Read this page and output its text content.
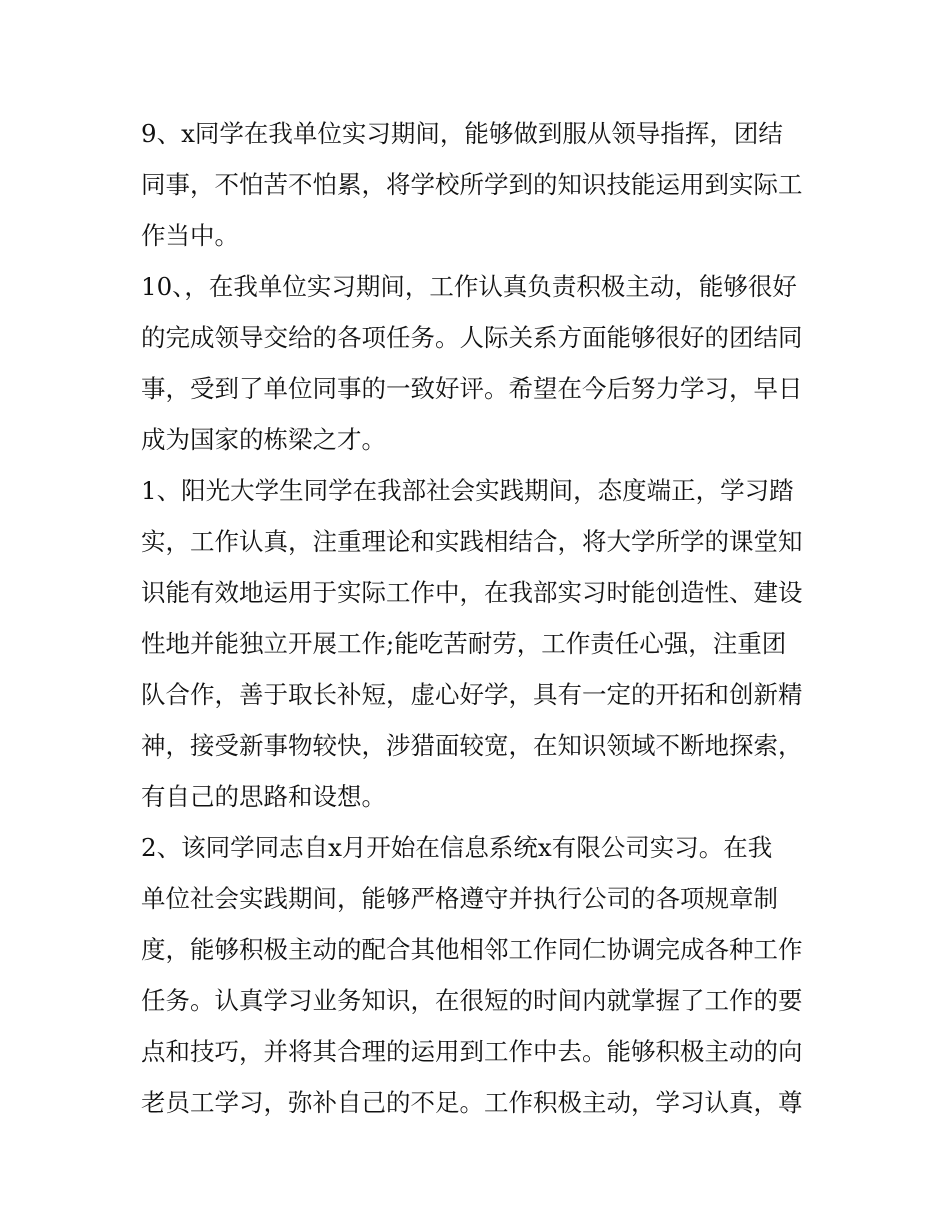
9、x同学在我单位实习期间，能够做到服从领导指挥，团结
同事，不怕苦不怕累，将学校所学到的知识技能运用到实际工
作当中。
10、，在我单位实习期间，工作认真负责积极主动，能够很好
的完成领导交给的各项任务。人际关系方面能够很好的团结同
事，受到了单位同事的一致好评。希望在今后努力学习，早日
成为国家的栋梁之才。
1、阳光大学生同学在我部社会实践期间，态度端正，学习踏
实，工作认真，注重理论和实践相结合，将大学所学的课堂知
识能有效地运用于实际工作中，在我部实习时能创造性、建设
性地并能独立开展工作;能吃苦耐劳，工作责任心强，注重团
队合作，善于取长补短，虚心好学，具有一定的开拓和创新精
神，接受新事物较快，涉猎面较宽，在知识领域不断地探索，
有自己的思路和设想。
2、该同学同志自x月开始在信息系统x有限公司实习。在我
单位社会实践期间，能够严格遵守并执行公司的各项规章制
度，能够积极主动的配合其他相邻工作同仁协调完成各种工作
任务。认真学习业务知识，在很短的时间内就掌握了工作的要
点和技巧，并将其合理的运用到工作中去。能够积极主动的向
老员工学习，弥补自己的不足。工作积极主动，学习认真，尊
